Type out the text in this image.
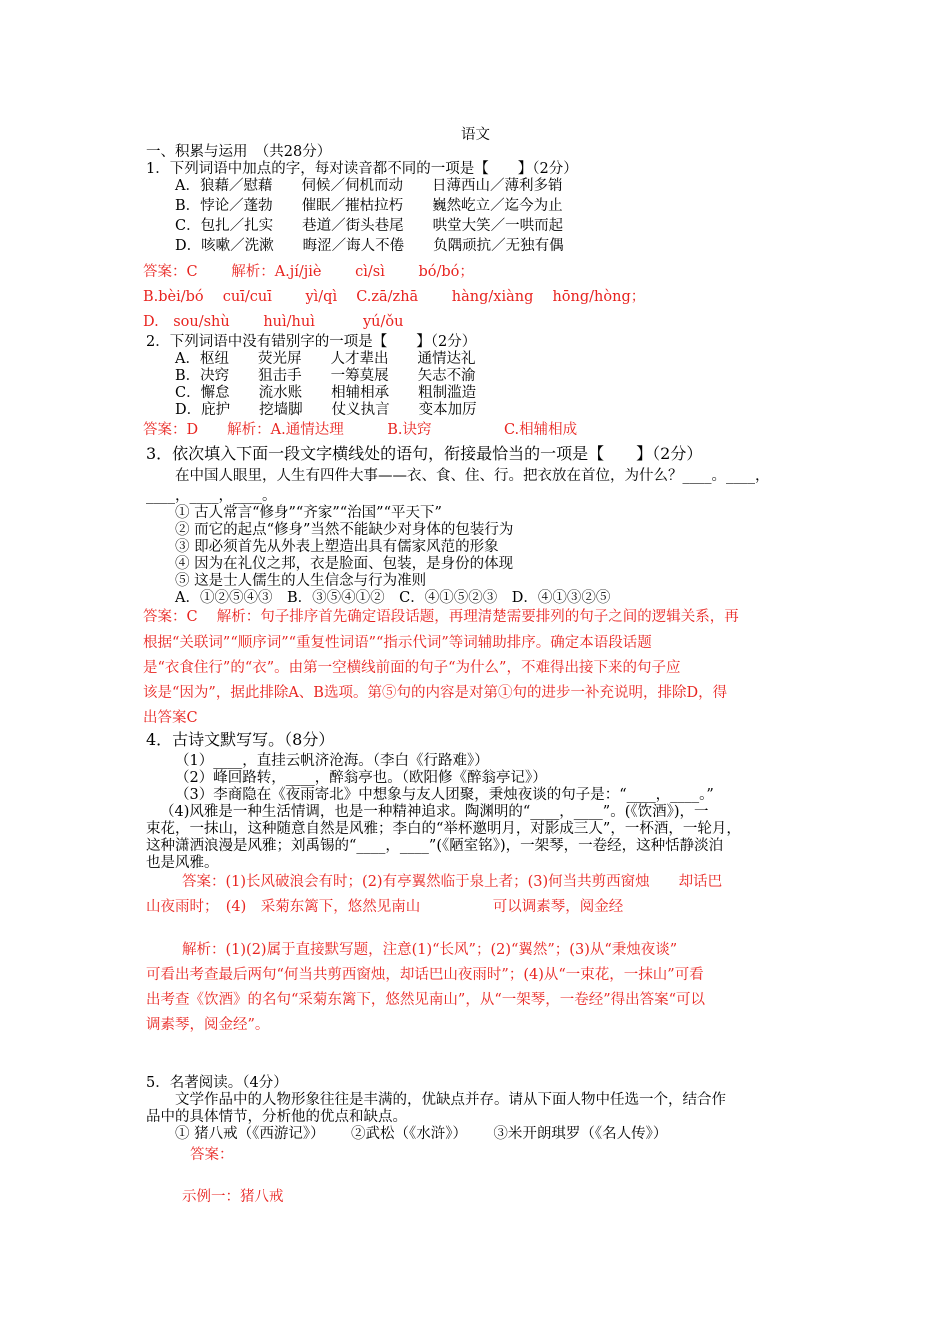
语文
一、积累与运用　（共28分）
1．下列词语中加点的字，每对读音都不同的一项是【　　】（2分）
A．狼藉／慰藉　　伺候／伺机而动　　日薄西山／薄利多销
B．悖论／蓬勃　　催眠／摧枯拉朽　　巍然屹立／迄今为止
C．包扎／扎实　　巷道／街头巷尾　　哄堂大笑／一哄而起
D．咳嗽／洗漱　　晦涩／诲人不倦　　负隅顽抗／无独有偶
答案：C　　 解析：A.jí/jiè　　 cì/sì　　 bó/bó；
B.bèi/bó　 cuī/cuī　　 yì/qì　 C.zā/zhā　　 hàng/xiàng　 hōng/hòng；
D.　sou/shù　　 huì/huì　　　 yú/ǒu
2．下列词语中没有错别字的一项是【　　】（2分）
A．枢纽　　荧光屏　　人才辈出　　通情达礼
B．决窍　　狙击手　　一筹莫展　　矢志不渝
C．懈怠　　流水账　　相辅相承　　粗制滥造
D．庇护　　挖墙脚　　仗义执言　　变本加厉
答案：D　　解析：A.通情达理　　　B.诀窍　　　　　C.相辅相成
3．依次填入下面一段文字横线处的语句，衔接最恰当的一项是【　　】（2分）
在中国人眼里，人生有四件大事——衣、食、住、行。把衣放在首位，为什么？____。____，
____，____，____。
① 古人常言“修身”“齐家”“治国”“平天下”
② 而它的起点“修身”当然不能缺少对身体的包装行为
③ 即必须首先从外表上塑造出具有儒家风范的形象
④ 因为在礼仪之邦，衣是脸面、包装，是身份的体现
⑤ 这是士人儒生的人生信念与行为准则
A．①②⑤④③　B．③⑤④①②　C．④①⑤②③　D．④①③②⑤
答案：C　 解析：句子排序首先确定语段话题，再理清楚需要排列的句子之间的逻辑关系，再
根据“关联词”“顺序词”“重复性词语”“指示代词”等词辅助排序。确定本语段话题
是“衣食住行”的“衣”。由第一空横线前面的句子“为什么”，不难得出接下来的句子应
该是“因为”，据此排除A、B选项。第⑤句的内容是对第①句的进步一补充说明，排除D，得
出答案C
4．古诗文默写写。（8分）
（1）____，直挂云帆济沧海。（李白《行路难》）
（2）峰回路转，____，醉翁亭也。（欧阳修《醉翁亭记》）
（3）李商隐在《夜雨寄北》中想象与友人团聚，秉烛夜谈的句子是：“____，____。”
（4)风雅是一种生活情调，也是一种精神追求。陶渊明的“____，____”。(《饮酒》)，一
束花，一抹山，这种随意自然是风雅；李白的“举杯邀明月，对影成三人”，一杯酒，一轮月，
这种潇洒浪漫是风雅；刘禹锡的“____，____”(《陋室铭》)，一架琴，一卷经，这种恬静淡泊
也是风雅。
答案：(1)长风破浪会有时；(2)有亭翼然临于泉上者；(3)何当共剪西窗烛　　却话巴
山夜雨时；　(4)　采菊东篱下，悠然见南山　　　　　可以调素琴，阅金经
解析：(1)(2)属于直接默写题，注意(1)“长风”；(2)“翼然”；(3)从“秉烛夜谈”
可看出考查最后两句“何当共剪西窗烛，却话巴山夜雨时”；(4)从“一束花，一抹山”可看
出考查《饮酒》的名句“采菊东篱下，悠然见南山”，从“一架琴，一卷经”得出答案“可以
调素琴，阅金经”。
5．名著阅读。（4分）
文学作品中的人物形象往往是丰满的，优缺点并存。请从下面人物中任选一个，结合作
品中的具体情节，分析他的优点和缺点。
① 猪八戒（《西游记》）　　 ②武松（《水浒》）　　 ③米开朗琪罗（《名人传》）
答案：
示例一：猪八戒
